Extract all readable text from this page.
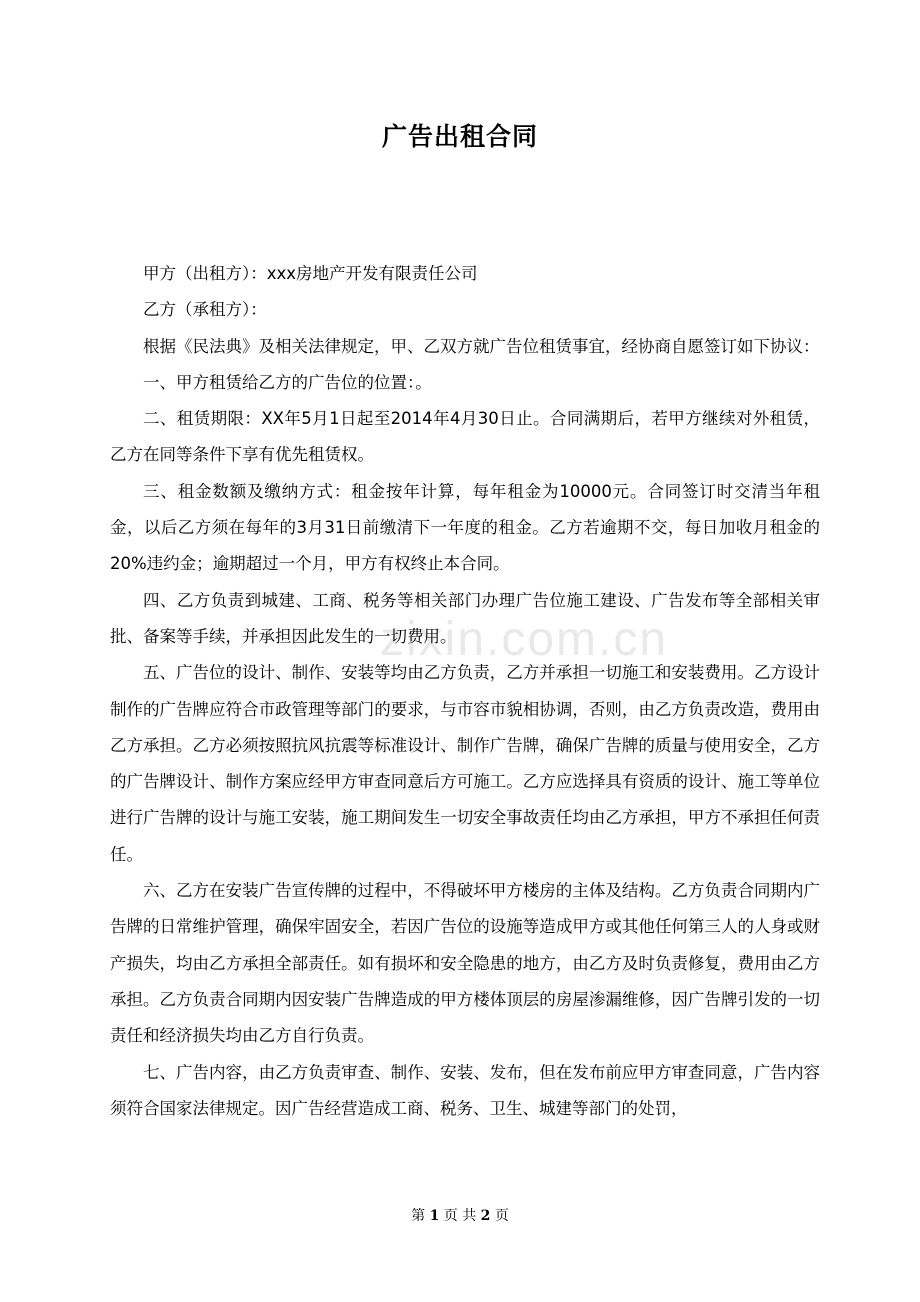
zixin.com.cn
广告出租合同

甲方（出租方）：xxx房地产开发有限责任公司

乙方（承租方）：

根据《民法典》及相关法律规定，甲、乙双方就广告位租赁事宜，经协商自愿签订如下协议：

一、甲方租赁给乙方的广告位的位置：。

二、租赁期限：XX年5月1日起至2014年4月30日止。合同满期后，若甲方继续对外租赁，乙方在同等条件下享有优先租赁权。

三、租金数额及缴纳方式：租金按年计算，每年租金为10000元。合同签订时交清当年租金，以后乙方须在每年的3月31日前缴清下一年度的租金。乙方若逾期不交，每日加收月租金的20%违约金；逾期超过一个月，甲方有权终止本合同。

四、乙方负责到城建、工商、税务等相关部门办理广告位施工建设、广告发布等全部相关审批、备案等手续，并承担因此发生的一切费用。

五、广告位的设计、制作、安装等均由乙方负责，乙方并承担一切施工和安装费用。乙方设计制作的广告牌应符合市政管理等部门的要求，与市容市貌相协调，否则，由乙方负责改造，费用由乙方承担。乙方必须按照抗风抗震等标准设计、制作广告牌，确保广告牌的质量与使用安全，乙方的广告牌设计、制作方案应经甲方审查同意后方可施工。乙方应选择具有资质的设计、施工等单位进行广告牌的设计与施工安装，施工期间发生一切安全事故责任均由乙方承担，甲方不承担任何责任。

六、乙方在安装广告宣传牌的过程中，不得破坏甲方楼房的主体及结构。乙方负责合同期内广告牌的日常维护管理，确保牢固安全，若因广告位的设施等造成甲方或其他任何第三人的人身或财产损失，均由乙方承担全部责任。如有损坏和安全隐患的地方，由乙方及时负责修复，费用由乙方承担。乙方负责合同期内因安装广告牌造成的甲方楼体顶层的房屋渗漏维修，因广告牌引发的一切责任和经济损失均由乙方自行负责。

七、广告内容，由乙方负责审查、制作、安装、发布，但在发布前应甲方审查同意，广告内容须符合国家法律规定。因广告经营造成工商、税务、卫生、城建等部门的处罚，

第 1 页 共 2 页
